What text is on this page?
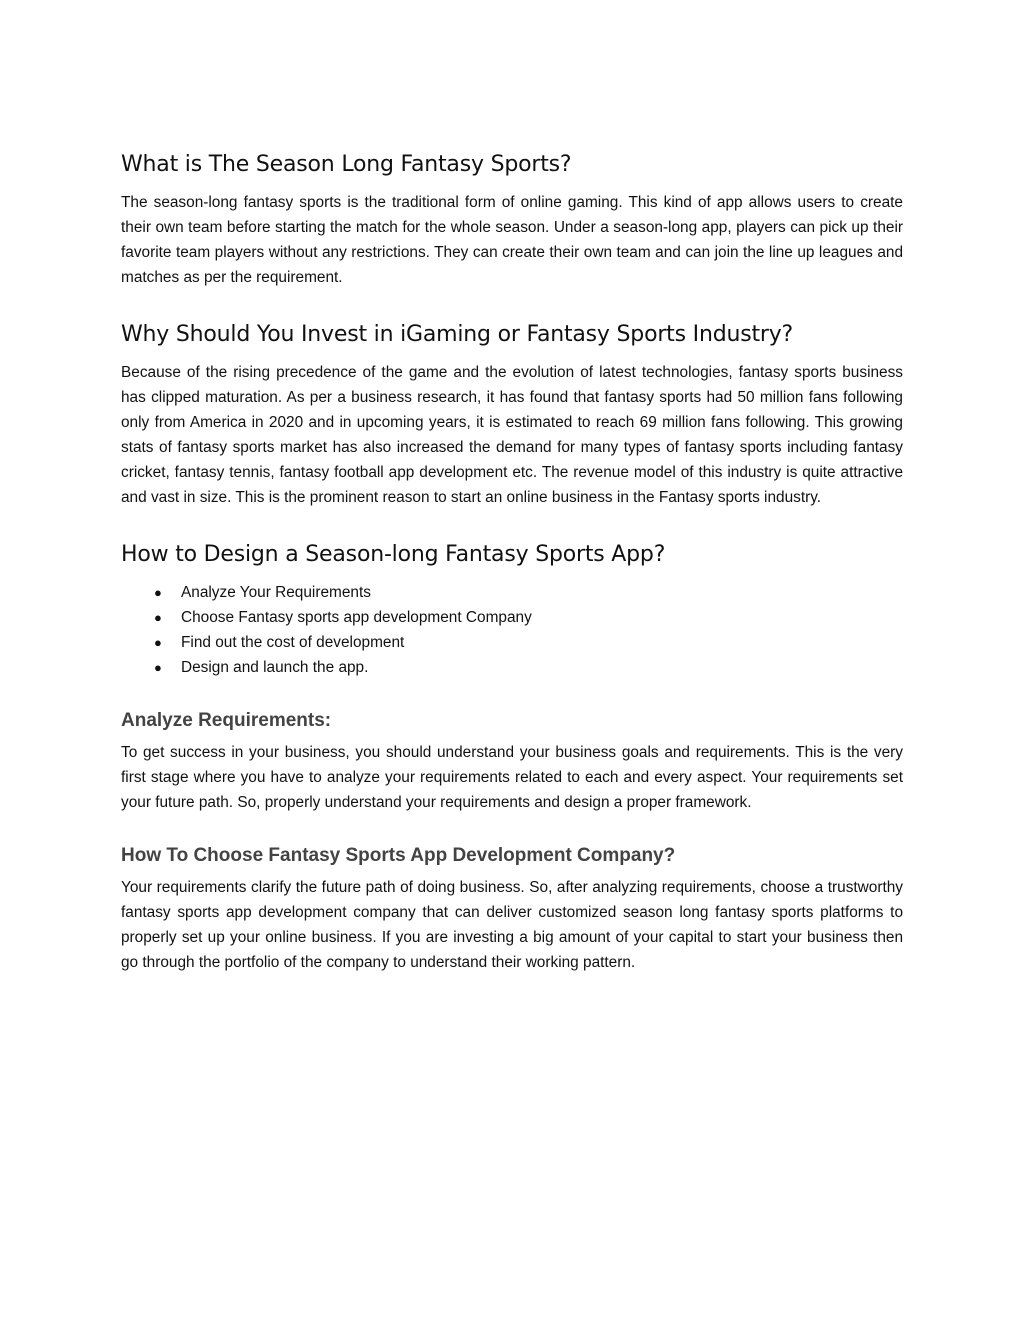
What is The Season Long Fantasy Sports?

The season-long fantasy sports is the traditional form of online gaming. This kind of app allows users to create their own team before starting the match for the whole season. Under a season-long app, players can pick up their favorite team players without any restrictions. They can create their own team and can join the line up leagues and matches as per the requirement.

Why Should You Invest in iGaming or Fantasy Sports Industry?

Because of the rising precedence of the game and the evolution of latest technologies, fantasy sports business has clipped maturation. As per a business research, it has found that fantasy sports had 50 million fans following only from America in 2020 and in upcoming years, it is estimated to reach 69 million fans following. This growing stats of fantasy sports market has also increased the demand for many types of fantasy sports including fantasy cricket, fantasy tennis, fantasy football app development etc. The revenue model of this industry is quite attractive and vast in size. This is the prominent reason to start an online business in the Fantasy sports industry.

How to Design a Season-long Fantasy Sports App?
● Analyze Your Requirements
● Choose Fantasy sports app development Company
● Find out the cost of development
● Design and launch the app.
Analyze Requirements:

To get success in your business, you should understand your business goals and requirements. This is the very first stage where you have to analyze your requirements related to each and every aspect. Your requirements set your future path. So, properly understand your requirements and design a proper framework.

How To Choose Fantasy Sports App Development Company?

Your requirements clarify the future path of doing business. So, after analyzing requirements, choose a trustworthy fantasy sports app development company that can deliver customized season long fantasy sports platforms to properly set up your online business. If you are investing a big amount of your capital to start your business then go through the portfolio of the company to understand their working pattern.
